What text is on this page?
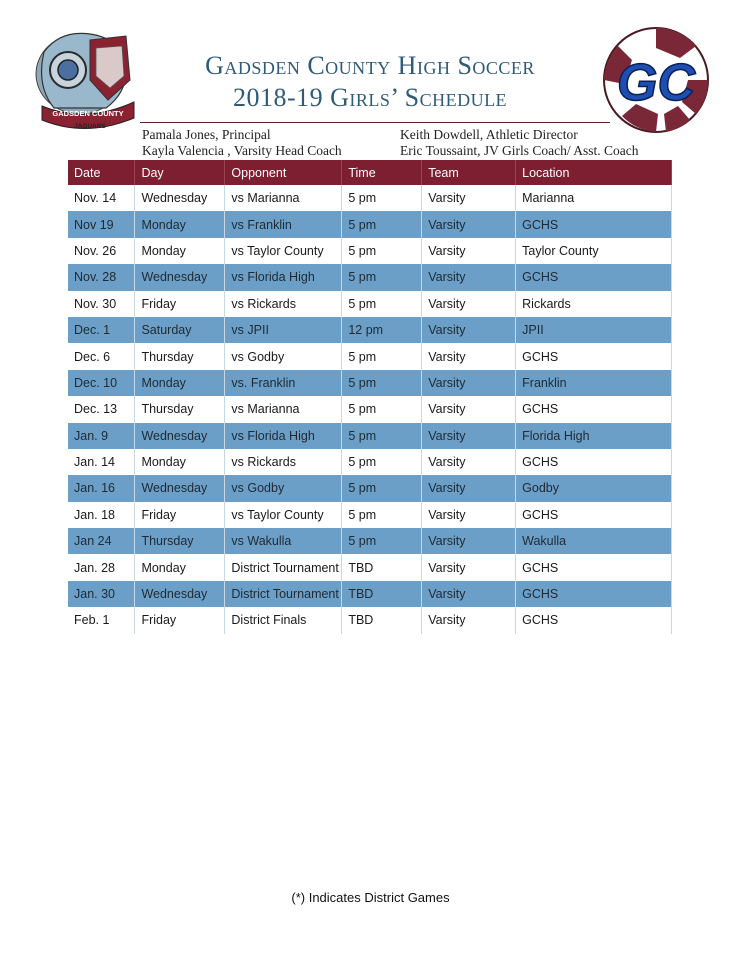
GADSDEN COUNTY
JAGUARS
Gadsden County High Soccer
2018-19 Girls’ Schedule	GC
Pamala Jones, Principal
Kayla Valencia , Varsity Head Coach
Keith Dowdell, Athletic Director
Eric Toussaint, JV Girls Coach/ Asst. Coach
Date	Day	Opponent	Time	Team	Location
Nov. 14	Wednesday	vs Marianna	5 pm	Varsity	Marianna
Nov 19	Monday	vs Franklin	5 pm	Varsity	GCHS
Nov. 26	Monday	vs Taylor County	5 pm	Varsity	Taylor County
Nov. 28	Wednesday	vs Florida High	5 pm	Varsity	GCHS
Nov. 30	Friday	vs Rickards	5 pm	Varsity	Rickards
Dec. 1	Saturday	vs JPII	12 pm	Varsity	JPII
Dec. 6	Thursday	vs Godby	5 pm	Varsity	GCHS
Dec. 10	Monday	vs. Franklin	5 pm	Varsity	Franklin
Dec. 13	Thursday	vs Marianna	5 pm	Varsity	GCHS
Jan. 9	Wednesday	vs Florida High	5 pm	Varsity	Florida High
Jan. 14	Monday	vs Rickards	5 pm	Varsity	GCHS
Jan. 16	Wednesday	vs Godby	5 pm	Varsity	Godby
Jan. 18	Friday	vs Taylor County	5 pm	Varsity	GCHS
Jan 24	Thursday	vs Wakulla	5 pm	Varsity	Wakulla
Jan. 28	Monday	District Tournament	TBD	Varsity	GCHS
Jan. 30	Wednesday	District Tournament	TBD	Varsity	GCHS
Feb. 1	Friday	District Finals	TBD	Varsity	GCHS
(*) Indicates District Games
